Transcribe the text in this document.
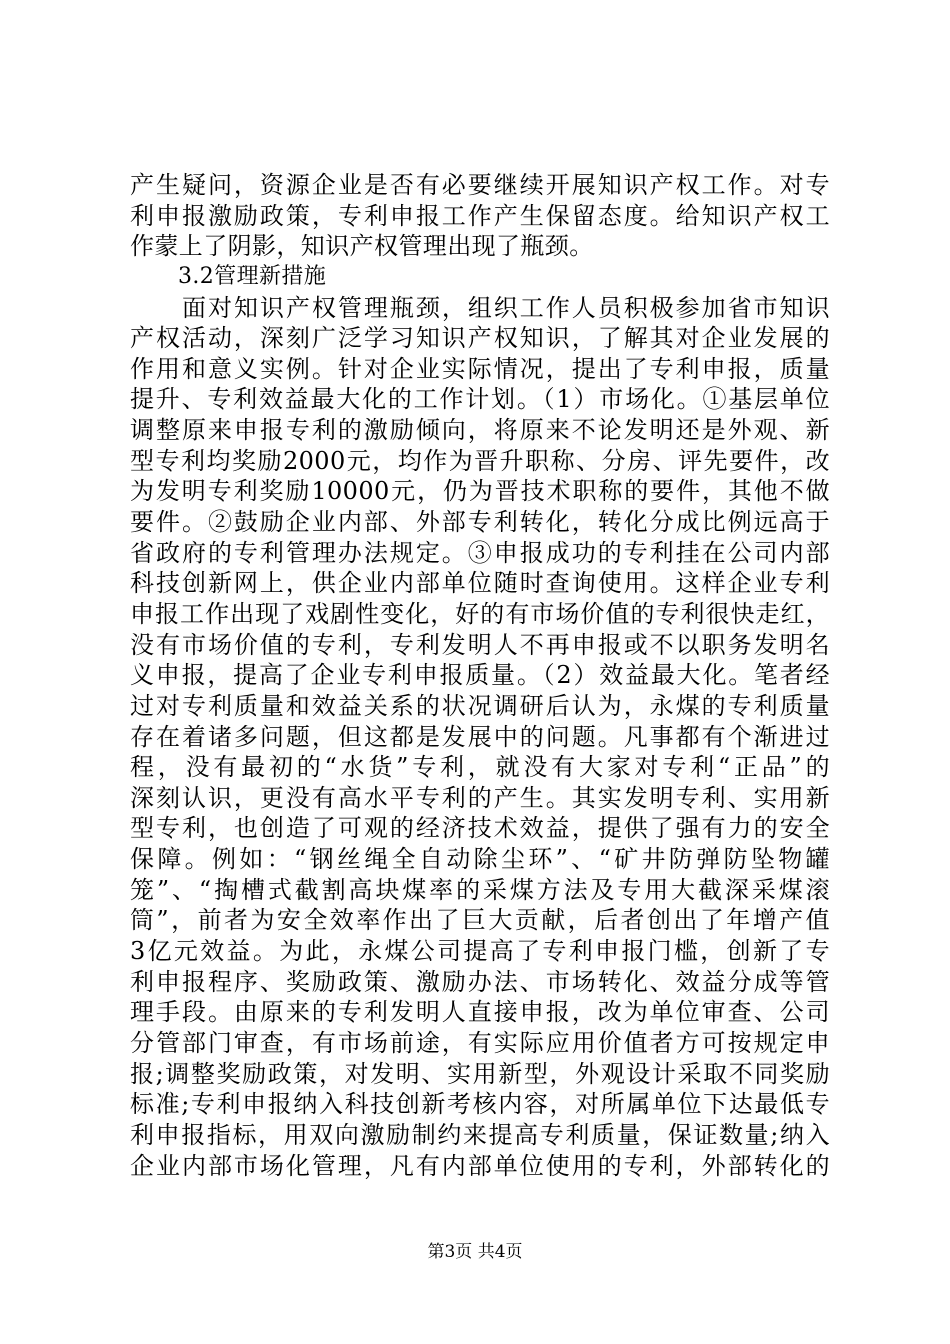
产生疑问，资源企业是否有必要继续开展知识产权工作。对专
利申报激励政策，专利申报工作产生保留态度。给知识产权工
作蒙上了阴影，知识产权管理出现了瓶颈。
3.2管理新措施
面对知识产权管理瓶颈，组织工作人员积极参加省市知识
产权活动，深刻广泛学习知识产权知识，了解其对企业发展的
作用和意义实例。针对企业实际情况，提出了专利申报，质量
提升、专利效益最大化的工作计划。（1）市场化。①基层单位
调整原来申报专利的激励倾向，将原来不论发明还是外观、新
型专利均奖励2000元，均作为晋升职称、分房、评先要件，改
为发明专利奖励10000元，仍为晋技术职称的要件，其他不做
要件。②鼓励企业内部、外部专利转化，转化分成比例远高于
省政府的专利管理办法规定。③申报成功的专利挂在公司内部
科技创新网上，供企业内部单位随时查询使用。这样企业专利
申报工作出现了戏剧性变化，好的有市场价值的专利很快走红，
没有市场价值的专利，专利发明人不再申报或不以职务发明名
义申报，提高了企业专利申报质量。（2）效益最大化。笔者经
过对专利质量和效益关系的状况调研后认为，永煤的专利质量
存在着诸多问题，但这都是发展中的问题。凡事都有个渐进过
程，没有最初的“水货”专利，就没有大家对专利“正品”的
深刻认识，更没有高水平专利的产生。其实发明专利、实用新
型专利，也创造了可观的经济技术效益，提供了强有力的安全
保障。例如：“钢丝绳全自动除尘环”、“矿井防弹防坠物罐
笼”、“掏槽式截割高块煤率的采煤方法及专用大截深采煤滚
筒”，前者为安全效率作出了巨大贡献，后者创出了年增产值
3亿元效益。为此，永煤公司提高了专利申报门槛，创新了专
利申报程序、奖励政策、激励办法、市场转化、效益分成等管
理手段。由原来的专利发明人直接申报，改为单位审查、公司
分管部门审查，有市场前途，有实际应用价值者方可按规定申
报;调整奖励政策，对发明、实用新型，外观设计采取不同奖励
标准;专利申报纳入科技创新考核内容，对所属单位下达最低专
利申报指标，用双向激励制约来提高专利质量，保证数量;纳入
企业内部市场化管理，凡有内部单位使用的专利，外部转化的
第3页 共4页
